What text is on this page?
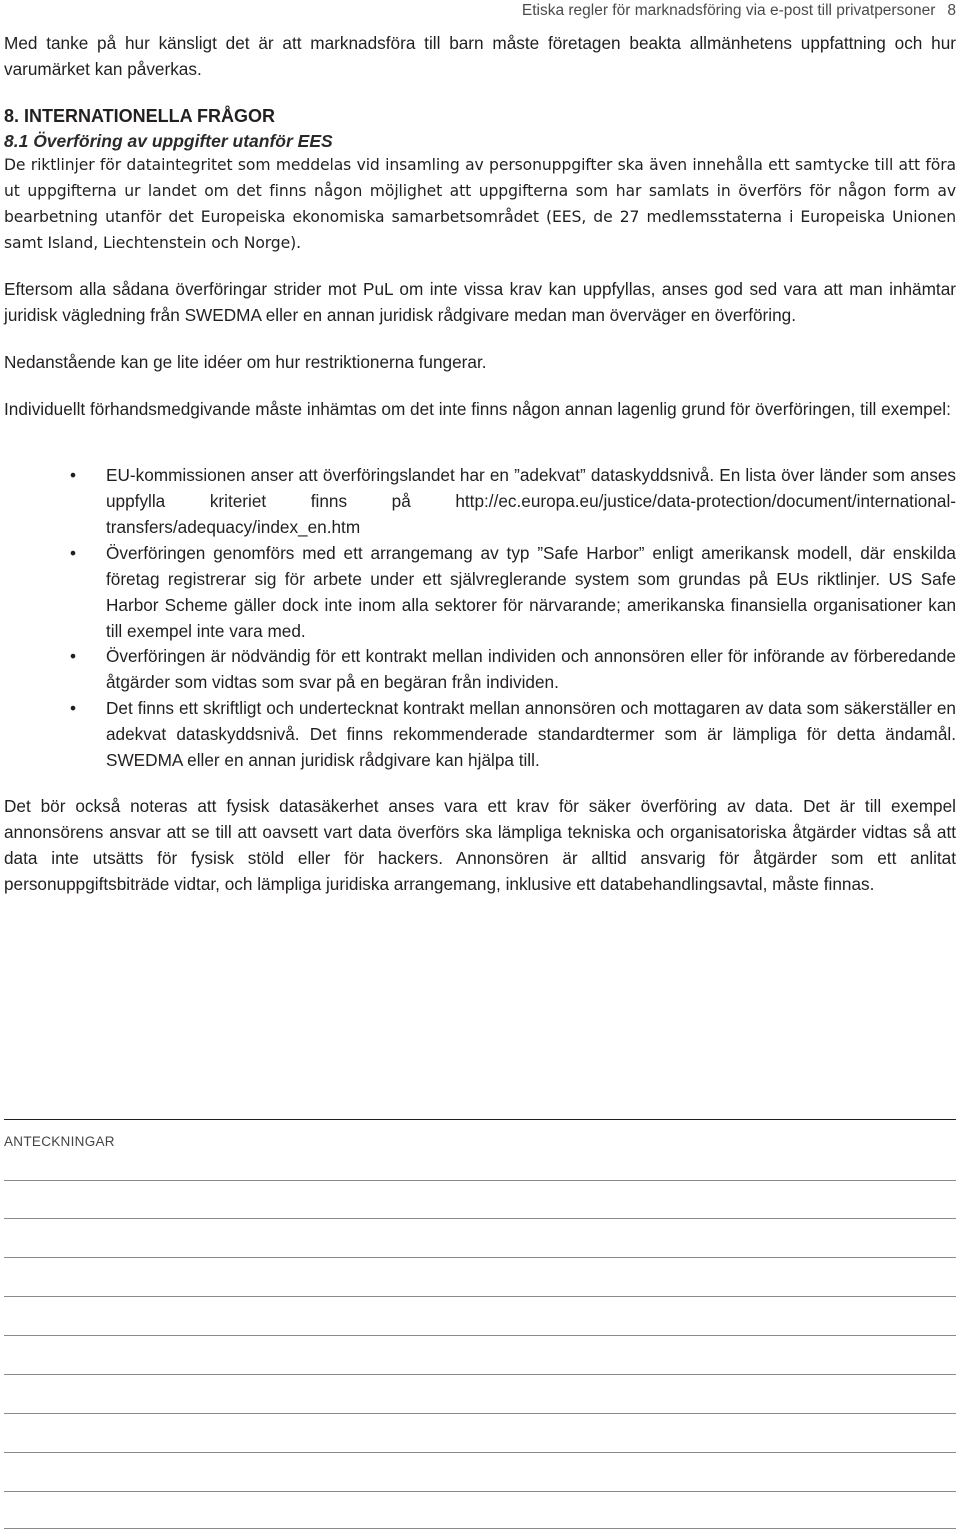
Etiska regler för marknadsföring via e-post till privatpersoner 8

Med tanke på hur känsligt det är att marknadsföra till barn måste företagen beakta allmänhetens uppfattning och hur varumärket kan påverkas.

8. INTERNATIONELLA FRÅGOR
8.1 Överföring av uppgifter utanför EES

De riktlinjer för dataintegritet som meddelas vid insamling av personuppgifter ska även innehålla ett samtycke till att föra ut uppgifterna ur landet om det finns någon möjlighet att uppgifterna som har samlats in överförs för någon form av bearbetning utanför det Europeiska ekonomiska samarbetsområdet (EES, de 27 medlemsstaterna i Europeiska Unionen samt Island, Liechtenstein och Norge).

Eftersom alla sådana överföringar strider mot PuL om inte vissa krav kan uppfyllas, anses god sed vara att man inhämtar juridisk vägledning från SWEDMA eller en annan juridisk rådgivare medan man överväger en överföring.

Nedanstående kan ge lite idéer om hur restriktionerna fungerar.

Individuellt förhandsmedgivande måste inhämtas om det inte finns någon annan lagenlig grund för överföringen, till exempel:

• EU-kommissionen anser att överföringslandet har en ”adekvat” dataskyddsnivå. En lista över länder som anses uppfylla kriteriet finns på http://ec.europa.eu/justice/data-protection/document/international-transfers/adequacy/index_en.htm
• Överföringen genomförs med ett arrangemang av typ ”Safe Harbor” enligt amerikansk modell, där enskilda företag registrerar sig för arbete under ett självreglerande system som grundas på EUs riktlinjer. US Safe Harbor Scheme gäller dock inte inom alla sektorer för närvarande; amerikanska finansiella organisationer kan till exempel inte vara med.
• Överföringen är nödvändig för ett kontrakt mellan individen och annonsören eller för införande av förberedande åtgärder som vidtas som svar på en begäran från individen.
• Det finns ett skriftligt och undertecknat kontrakt mellan annonsören och mottagaren av data som säkerställer en adekvat dataskyddsnivå. Det finns rekommenderade standardtermer som är lämpliga för detta ändamål. SWEDMA eller en annan juridisk rådgivare kan hjälpa till.

Det bör också noteras att fysisk datasäkerhet anses vara ett krav för säker överföring av data. Det är till exempel annonsörens ansvar att se till att oavsett vart data överförs ska lämpliga tekniska och organisatoriska åtgärder vidtas så att data inte utsätts för fysisk stöld eller för hackers. Annonsören är alltid ansvarig för åtgärder som ett anlitat personuppgiftsbiträde vidtar, och lämpliga juridiska arrangemang, inklusive ett databehandlingsavtal, måste finnas.

ANTECKNINGAR
